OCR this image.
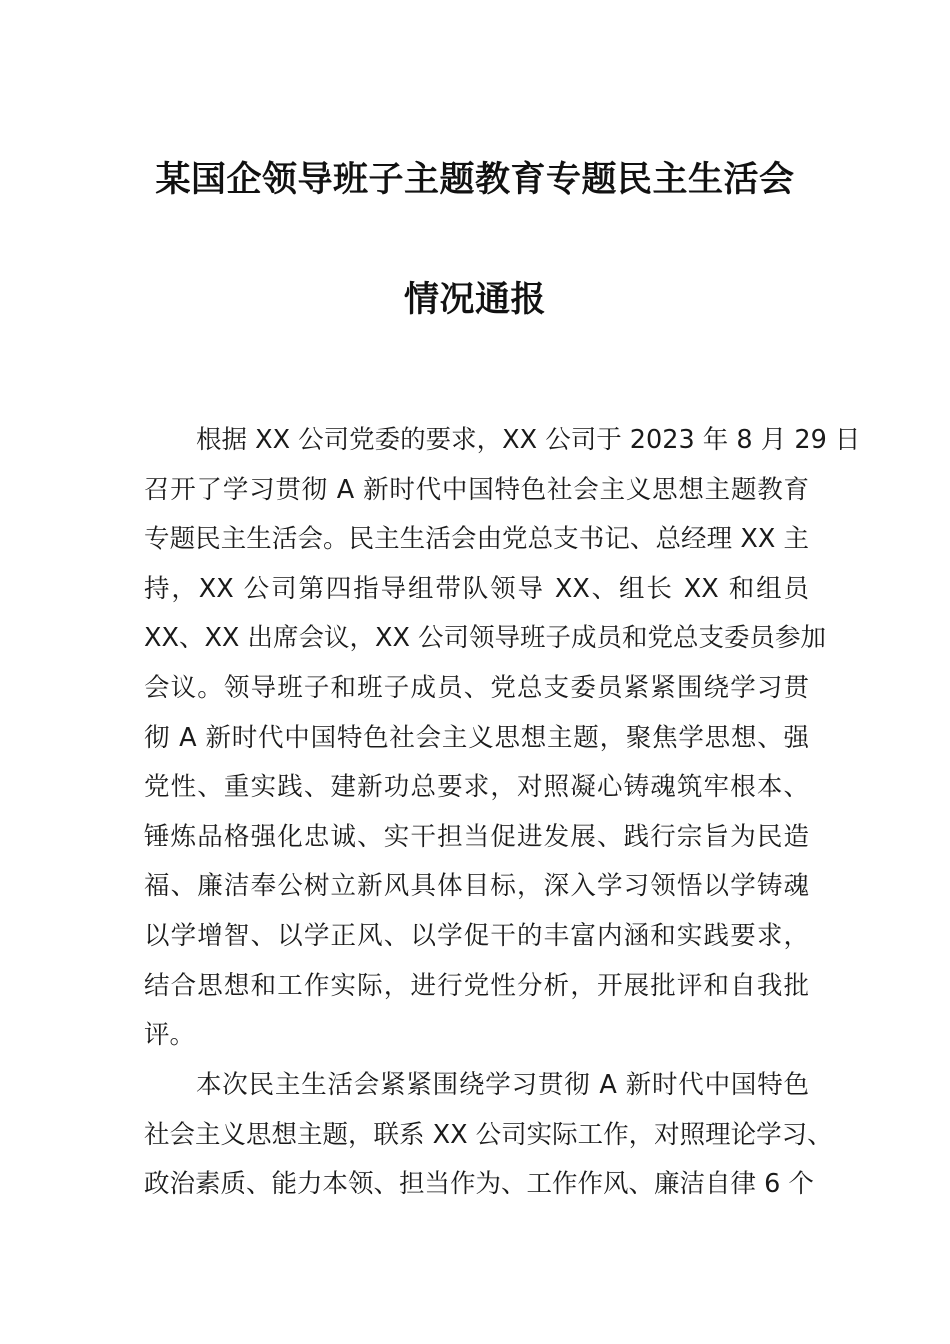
某国企领导班子主题教育专题民主生活会
情况通报
根据 XX 公司党委的要求，XX 公司于 2023 年 8 月 29 日
召开了学习贯彻 A 新时代中国特色社会主义思想主题教育
专题民主生活会。民主生活会由党总支书记、总经理 XX 主
持，XX 公司第四指导组带队领导 XX、组长 XX 和组员
XX、XX 出席会议，XX 公司领导班子成员和党总支委员参加
会议。领导班子和班子成员、党总支委员紧紧围绕学习贯
彻 A 新时代中国特色社会主义思想主题，聚焦学思想、强
党性、重实践、建新功总要求，对照凝心铸魂筑牢根本、
锤炼品格强化忠诚、实干担当促进发展、践行宗旨为民造
福、廉洁奉公树立新风具体目标，深入学习领悟以学铸魂
以学增智、以学正风、以学促干的丰富内涵和实践要求，
结合思想和工作实际，进行党性分析，开展批评和自我批
评。
本次民主生活会紧紧围绕学习贯彻 A 新时代中国特色
社会主义思想主题，联系 XX 公司实际工作，对照理论学习、
政治素质、能力本领、担当作为、工作作风、廉洁自律 6 个
